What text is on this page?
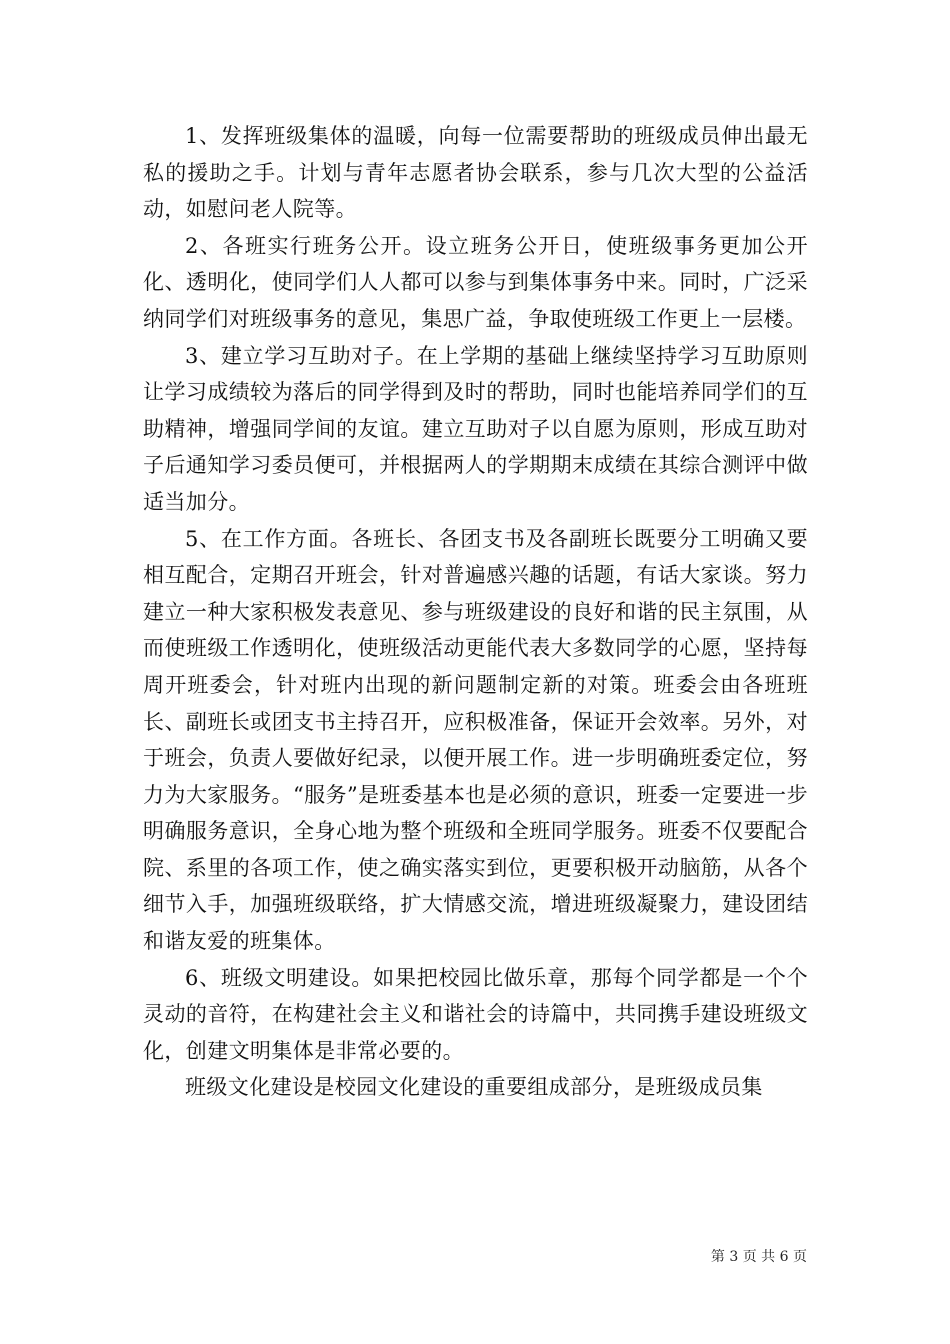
1、发挥班级集体的温暖，向每一位需要帮助的班级成员伸出最无私的援助之手。计划与青年志愿者协会联系，参与几次大型的公益活动，如慰问老人院等。

2、各班实行班务公开。设立班务公开日，使班级事务更加公开化、透明化，使同学们人人都可以参与到集体事务中来。同时，广泛采纳同学们对班级事务的意见，集思广益，争取使班级工作更上一层楼。

3、建立学习互助对子。在上学期的基础上继续坚持学习互助原则让学习成绩较为落后的同学得到及时的帮助，同时也能培养同学们的互助精神，增强同学间的友谊。建立互助对子以自愿为原则，形成互助对子后通知学习委员便可，并根据两人的学期期末成绩在其综合测评中做适当加分。

5、在工作方面。各班长、各团支书及各副班长既要分工明确又要相互配合，定期召开班会，针对普遍感兴趣的话题，有话大家谈。努力建立一种大家积极发表意见、参与班级建设的良好和谐的民主氛围，从而使班级工作透明化，使班级活动更能代表大多数同学的心愿，坚持每周开班委会，针对班内出现的新问题制定新的对策。班委会由各班班长、副班长或团支书主持召开，应积极准备，保证开会效率。另外，对于班会，负责人要做好纪录，以便开展工作。进一步明确班委定位，努力为大家服务。“服务”是班委基本也是必须的意识，班委一定要进一步明确服务意识，全身心地为整个班级和全班同学服务。班委不仅要配合院、系里的各项工作，使之确实落实到位，更要积极开动脑筋，从各个细节入手，加强班级联络，扩大情感交流，增进班级凝聚力，建设团结和谐友爱的班集体。

6、班级文明建设。如果把校园比做乐章，那每个同学都是一个个灵动的音符，在构建社会主义和谐社会的诗篇中，共同携手建设班级文化，创建文明集体是非常必要的。

班级文化建设是校园文化建设的重要组成部分，是班级成员集

第 3 页 共 6 页
